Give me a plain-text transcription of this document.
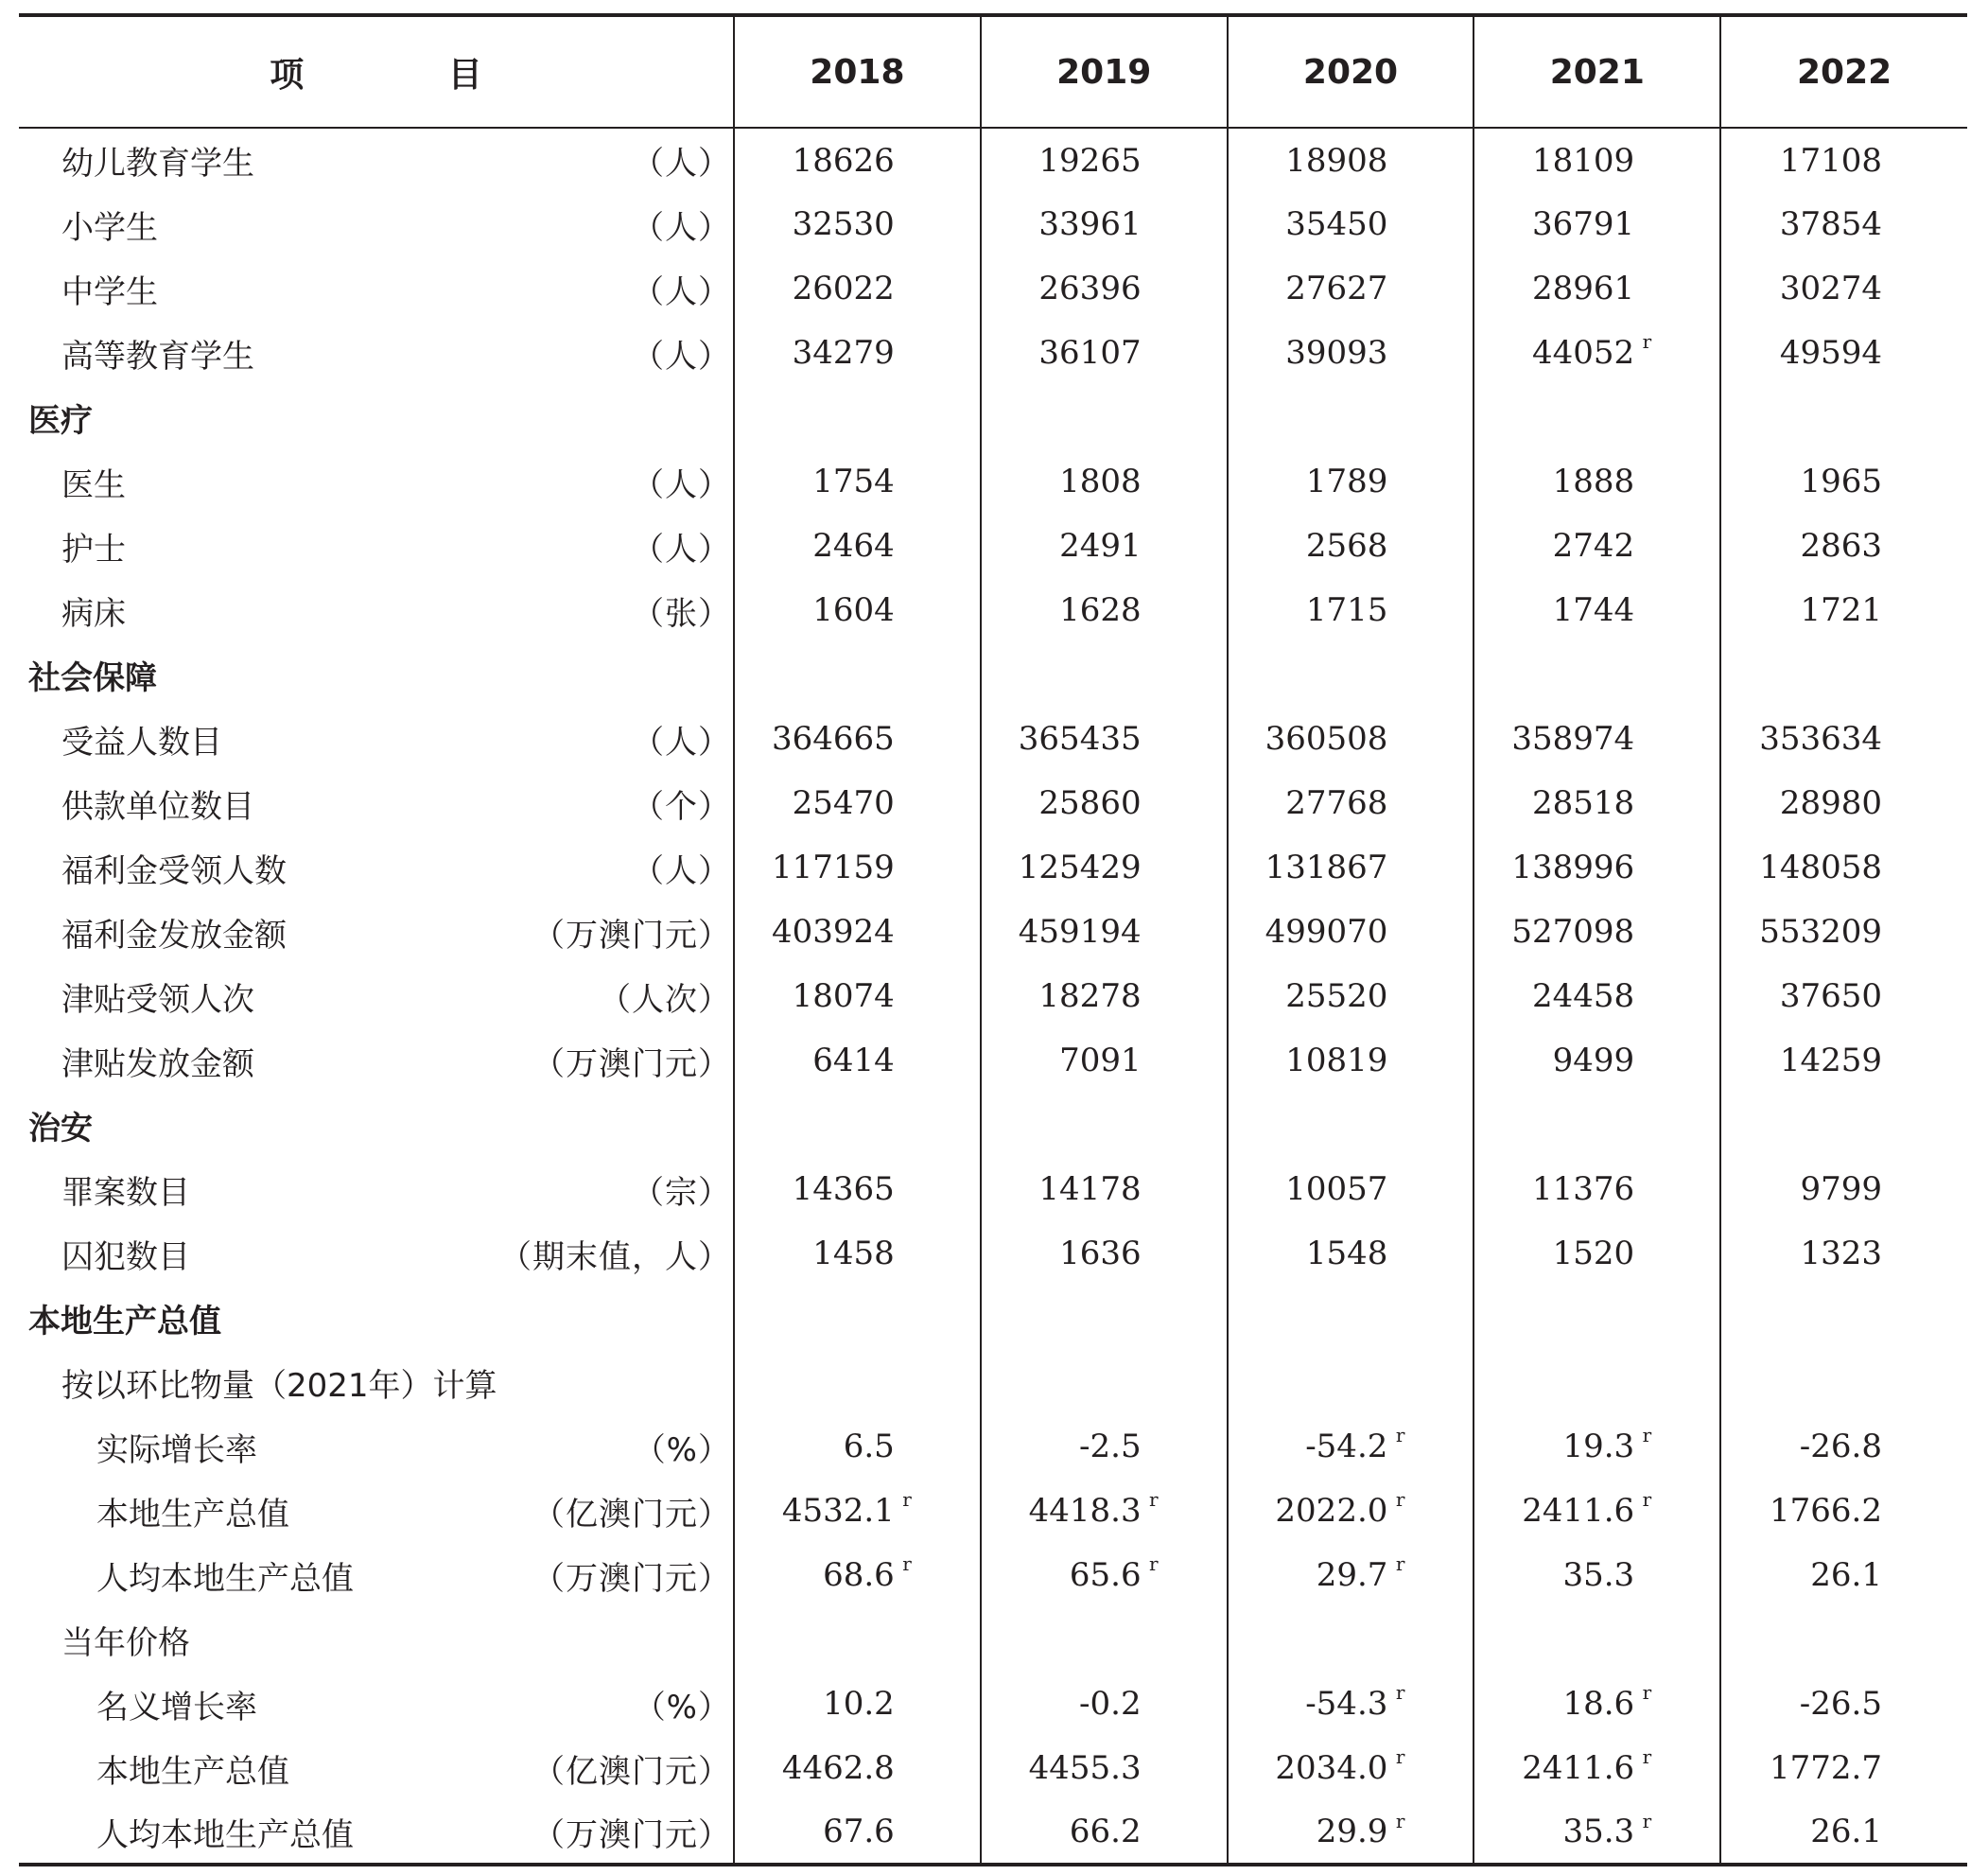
项 目	2018	2019	2020	2021	2022

幼儿教育学生 （人）	18626	19265	18908	18109	17108

小学生 （人）	32530	33961	35450	36791	37854

中学生 （人）	26022	26396	27627	28961	30274

高等教育学生 （人）	34279	36107	39093	44052 r	49594

医疗					

医生 （人）	1754	1808	1789	1888	1965

护士 （人）	2464	2491	2568	2742	2863

病床 （张）	1604	1628	1715	1744	1721

社会保障					

受益人数目 （人）	364665	365435	360508	358974	353634

供款单位数目 （个）	25470	25860	27768	28518	28980

福利金受领人数 （人）	117159	125429	131867	138996	148058

福利金发放金额 （万澳门元）	403924	459194	499070	527098	553209

津贴受领人次 （人次）	18074	18278	25520	24458	37650

津贴发放金额 （万澳门元）	6414	7091	10819	9499	14259

治安					

罪案数目 （宗）	14365	14178	10057	11376	9799

囚犯数目 （期末值，人）	1458	1636	1548	1520	1323

本地生产总值					

按以环比物量（2021年）计算					

实际增长率 （%）	6.5	-2.5	-54.2 r	19.3 r	-26.8

本地生产总值 （亿澳门元）	4532.1 r	4418.3 r	2022.0 r	2411.6 r	1766.2

人均本地生产总值 （万澳门元）	68.6 r	65.6 r	29.7 r	35.3	26.1

当年价格					

名义增长率 （%）	10.2	-0.2	-54.3 r	18.6 r	-26.5

本地生产总值 （亿澳门元）	4462.8	4455.3	2034.0 r	2411.6 r	1772.7

人均本地生产总值 （万澳门元）	67.6	66.2	29.9 r	35.3 r	26.1
